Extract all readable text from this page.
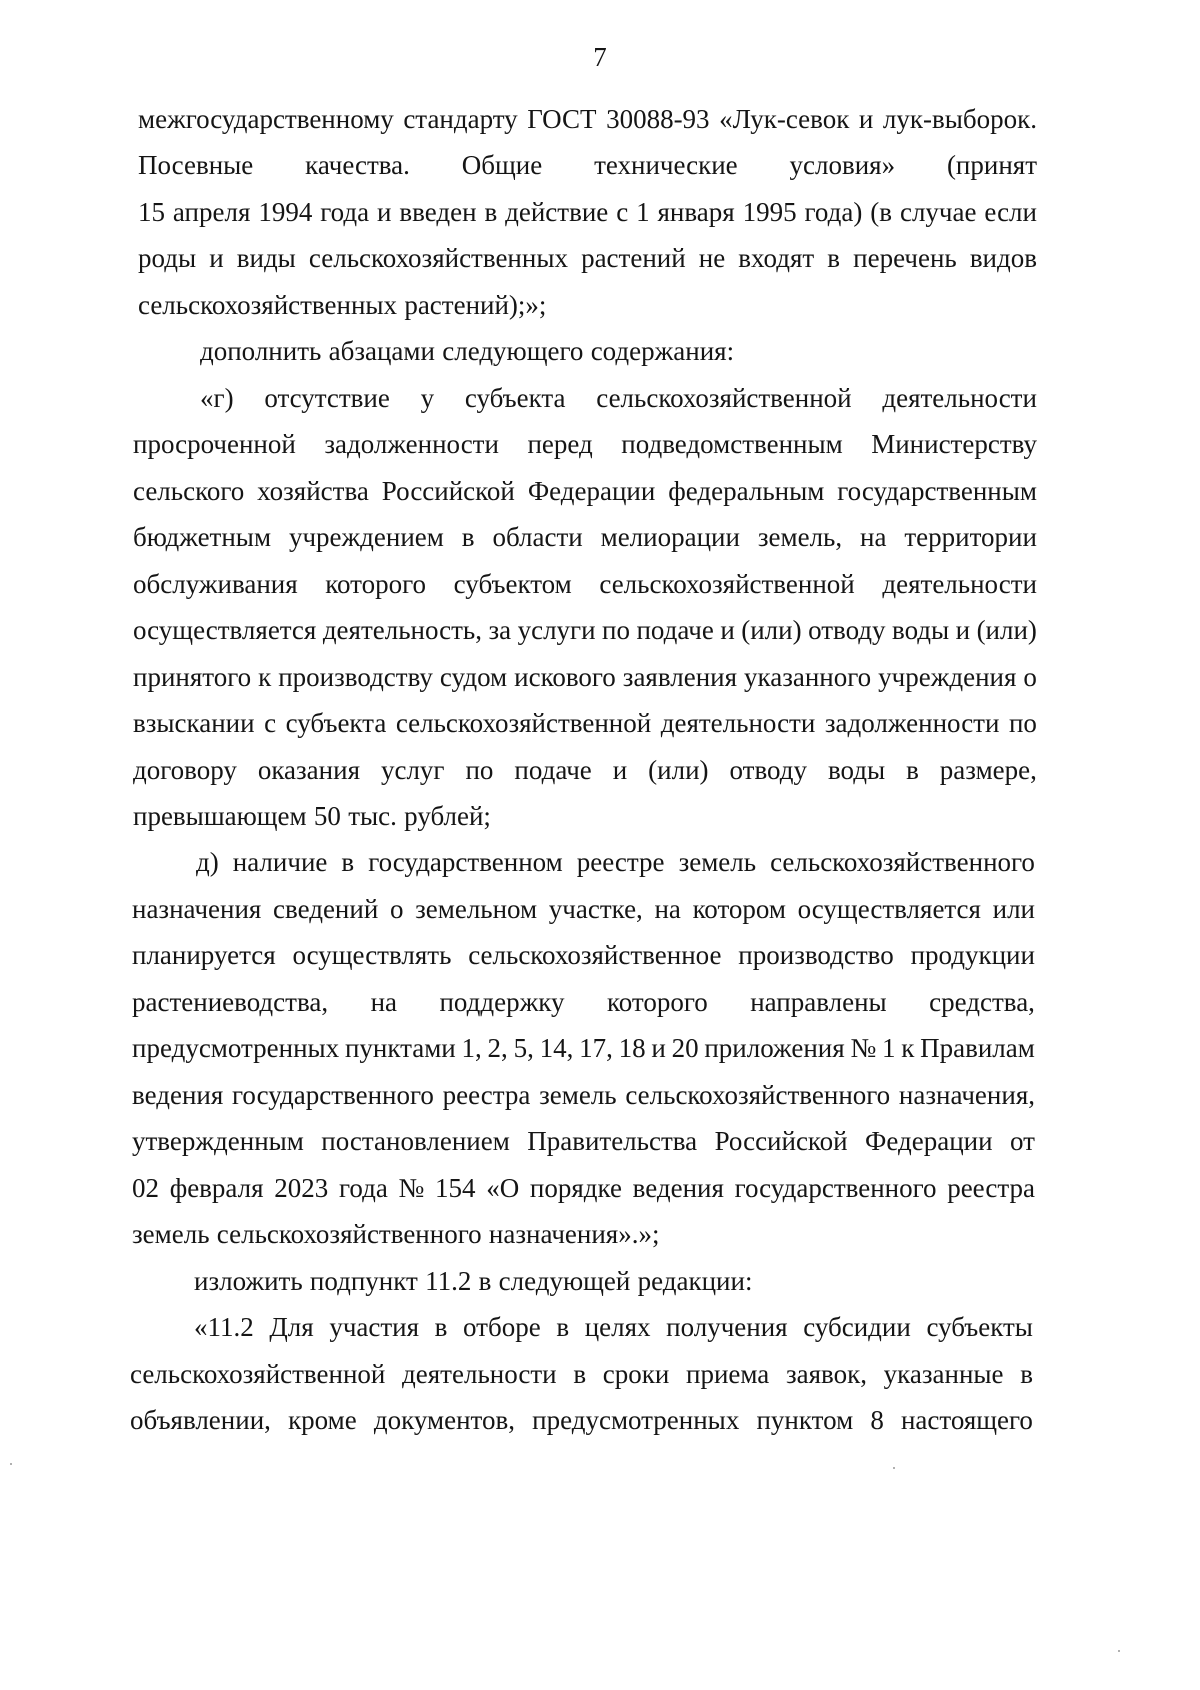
7
межгосударственному стандарту ГОСТ 30088-93 «Лук-севок и лук-выборок.
Посевные качества. Общие технические условия» (принят
15 апреля 1994 года и введен в действие с 1 января 1995 года) (в случае если
роды и виды сельскохозяйственных растений не входят в перечень видов
сельскохозяйственных растений);»;
дополнить абзацами следующего содержания:
«г) отсутствие у субъекта сельскохозяйственной деятельности
просроченной задолженности перед подведомственным Министерству
сельского хозяйства Российской Федерации федеральным государственным
бюджетным учреждением в области мелиорации земель, на территории
обслуживания которого субъектом сельскохозяйственной деятельности
осуществляется деятельность, за услуги по подаче и (или) отводу воды и (или)
принятого к производству судом искового заявления указанного учреждения о
взыскании с субъекта сельскохозяйственной деятельности задолженности по
договору оказания услуг по подаче и (или) отводу воды в размере,
превышающем 50 тыс. рублей;
д) наличие в государственном реестре земель сельскохозяйственного
назначения сведений о земельном участке, на котором осуществляется или
планируется осуществлять сельскохозяйственное производство продукции
растениеводства, на поддержку которого направлены средства,
предусмотренных пунктами 1, 2, 5, 14, 17, 18 и 20 приложения № 1 к Правилам
ведения государственного реестра земель сельскохозяйственного назначения,
утвержденным постановлением Правительства Российской Федерации от
02 февраля 2023 года № 154 «О порядке ведения государственного реестра
земель сельскохозяйственного назначения».»;
изложить подпункт 11.2 в следующей редакции:
«11.2 Для участия в отборе в целях получения субсидии субъекты
сельскохозяйственной деятельности в сроки приема заявок, указанные в
объявлении, кроме документов, предусмотренных пунктом 8 настоящего
